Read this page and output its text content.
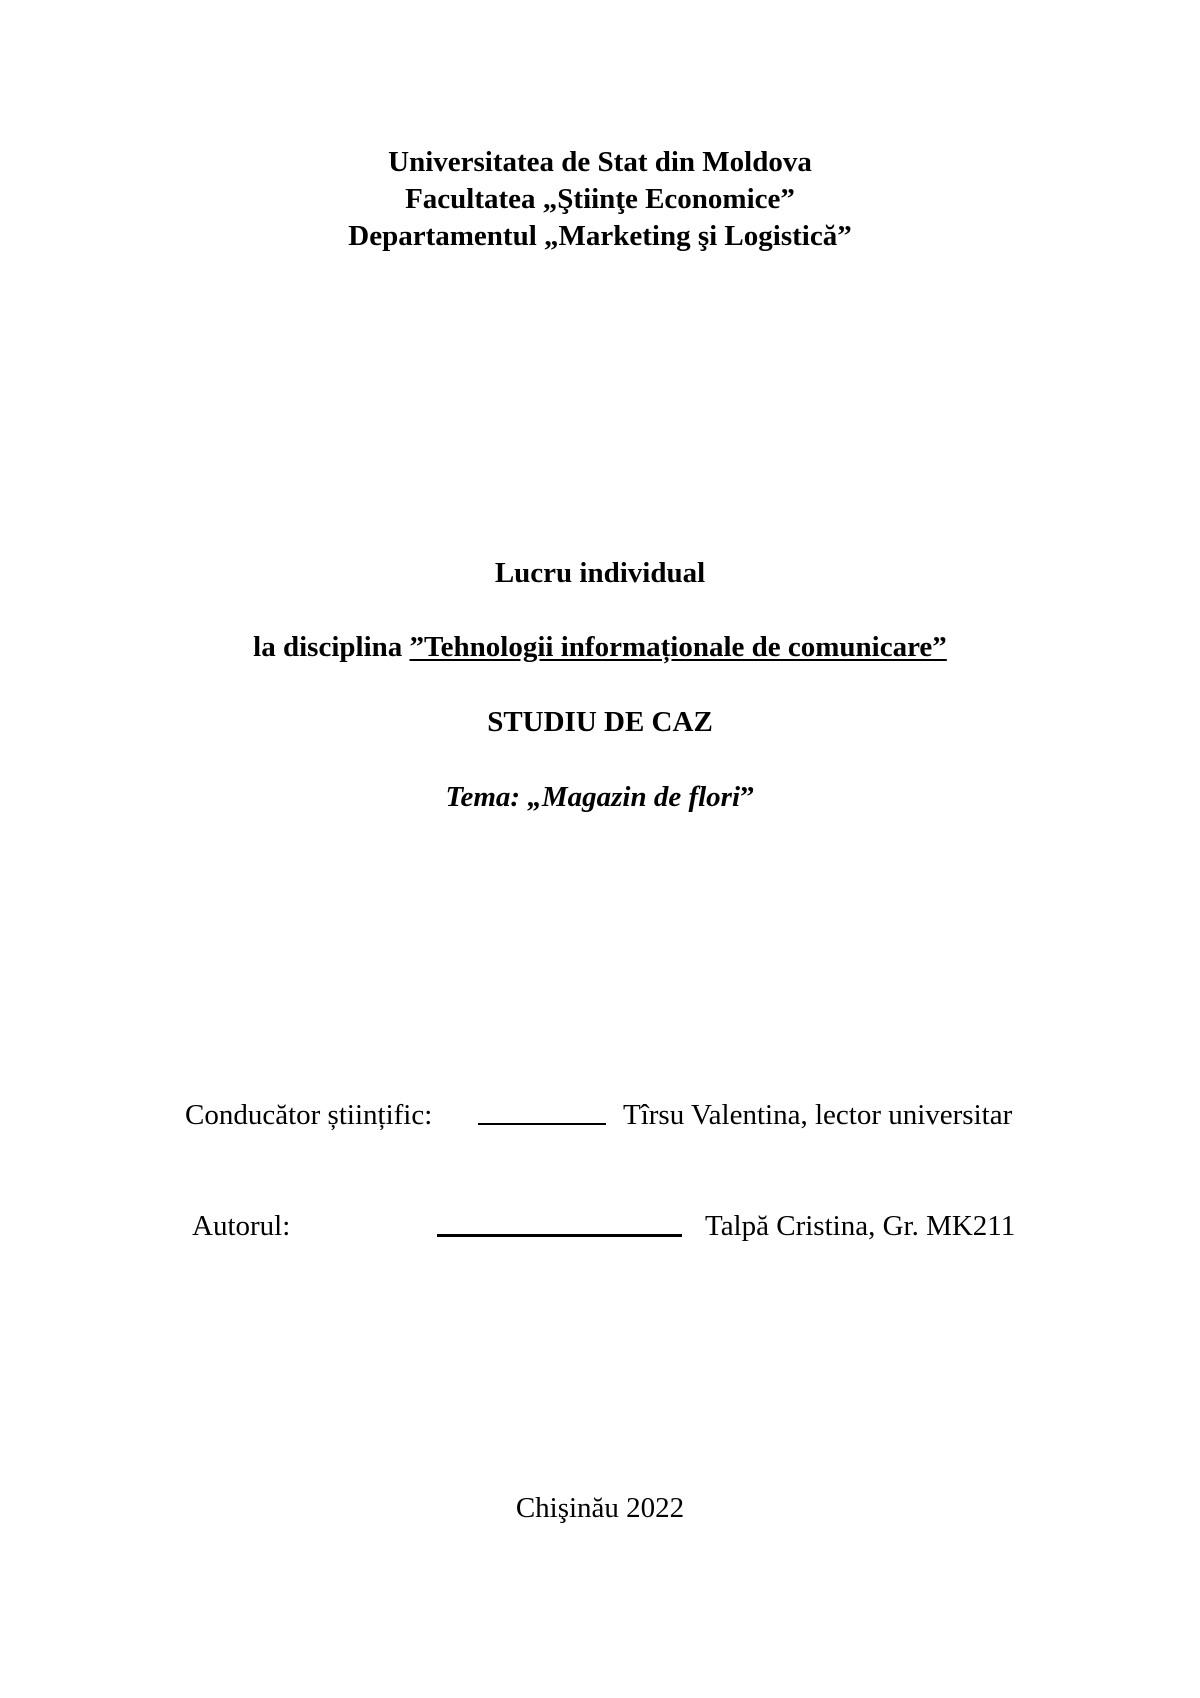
Universitatea de Stat din Moldova
Facultatea „Ştiinţe Economice”
Departamentul „Marketing şi Logistică”
Lucru individual
la disciplina ”Tehnologii informaționale de comunicare”
STUDIU DE CAZ
Tema: „Magazin de flori”
Conducător științific:	Tîrsu Valentina, lector universitar
Autorul:	Talpă Cristina, Gr. MK211
Chişinău 2022
